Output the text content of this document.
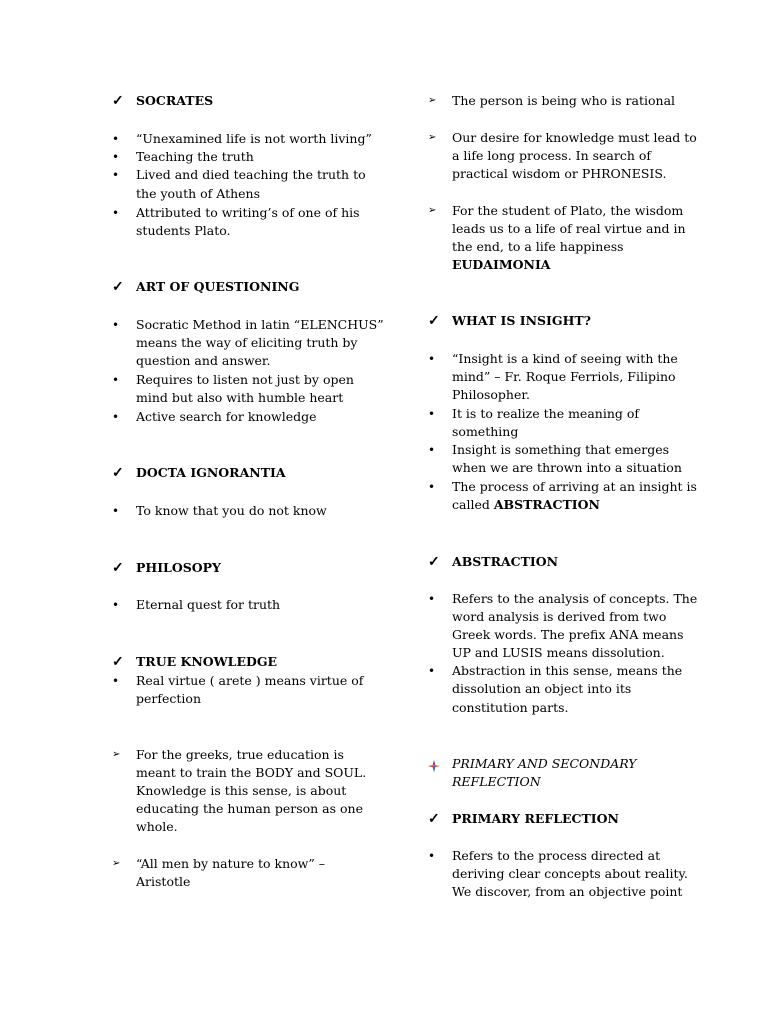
✓ SOCRATES
•	“Unexamined life is not worth living”
•	Teaching the truth
•	Lived and died teaching the truth to
the youth of Athens
•	Attributed to writing’s of one of his
students Plato.
✓ ART OF QUESTIONING
•	Socratic Method in latin “ELENCHUS”
means the way of eliciting truth by
question and answer.
•	Requires to listen not just by open
mind but also with humble heart
•	Active search for knowledge
✓ DOCTA IGNORANTIA
•	To know that you do not know
✓ PHILOSOPY
•	Eternal quest for truth
✓ TRUE KNOWLEDGE
•	Real virtue ( arete ) means virtue of
perfection
➢	For the greeks, true education is
meant to train the BODY and SOUL.
Knowledge is this sense, is about
educating the human person as one
whole.
➢	“All men by nature to know” –
Aristotle
➢	The person is being who is rational
➢	Our desire for knowledge must lead to
a life long process. In search of
practical wisdom or PHRONESIS.
➢	For the student of Plato, the wisdom
leads us to a life of real virtue and in
the end, to a life happiness
EUDAIMONIA
✓ WHAT IS INSIGHT?
•	“Insight is a kind of seeing with the
mind” – Fr. Roque Ferriols, Filipino
Philosopher.
•	It is to realize the meaning of
something
•	Insight is something that emerges
when we are thrown into a situation
•	The process of arriving at an insight is
called ABSTRACTION
✓ ABSTRACTION
•	Refers to the analysis of concepts. The
word analysis is derived from two
Greek words. The prefix ANA means
UP and LUSIS means dissolution.
•	Abstraction in this sense, means the
dissolution an object into its
constitution parts.
PRIMARY AND SECONDARY
REFLECTION
✓ PRIMARY REFLECTION
•	Refers to the process directed at
deriving clear concepts about reality.
We discover, from an objective point
